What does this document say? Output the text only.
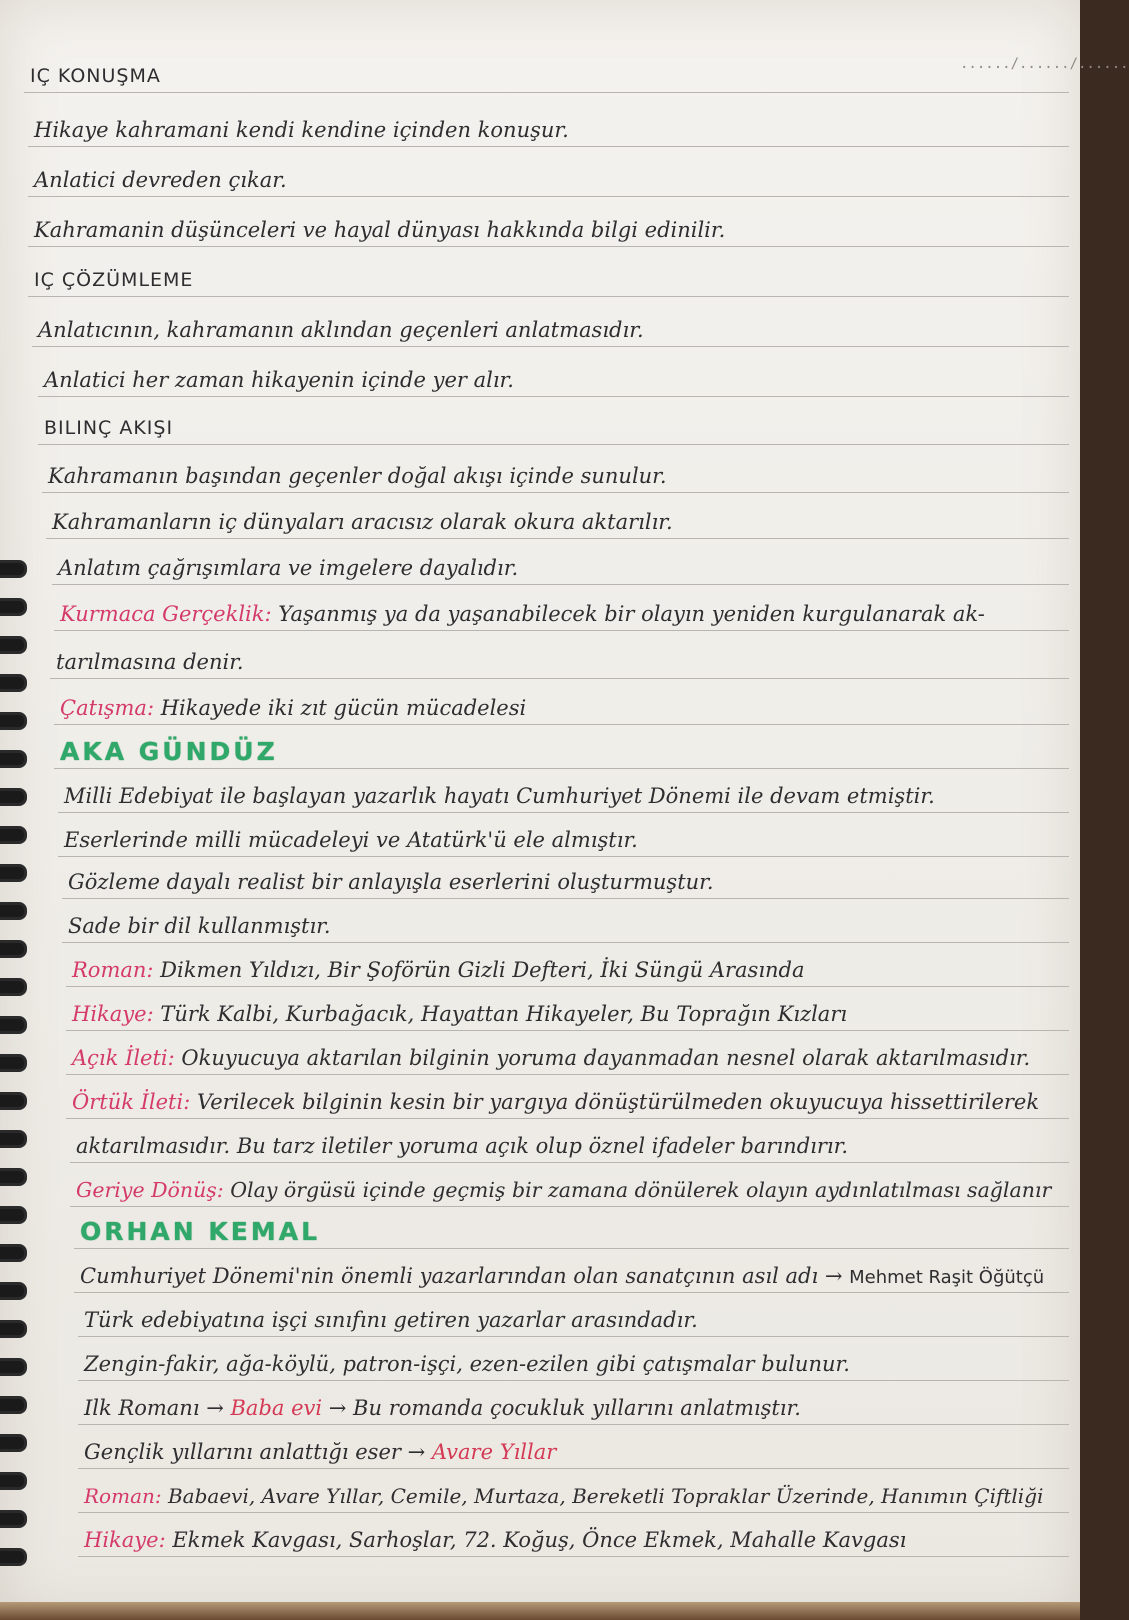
....../....../......
IÇ KONUŞMA
Hikaye kahramani kendi kendine içinden konuşur.
Anlatici devreden çıkar.
Kahramanin düşünceleri ve hayal dünyası hakkında bilgi edinilir.
IÇ ÇÖZÜMLEME
Anlatıcının, kahramanın aklından geçenleri anlatmasıdır.
Anlatici her zaman hikayenin içinde yer alır.
BILINÇ AKIŞI
Kahramanın başından geçenler doğal akışı içinde sunulur.
Kahramanların iç dünyaları aracısız olarak okura aktarılır.
Anlatım çağrışımlara ve imgelere dayalıdır.
Kurmaca Gerçeklik: Yaşanmış ya da yaşanabilecek bir olayın yeniden kurgulanarak ak-
tarılmasına denir.
Çatışma: Hikayede iki zıt gücün mücadelesi
AKA GÜNDÜZ
Milli Edebiyat ile başlayan yazarlık hayatı Cumhuriyet Dönemi ile devam etmiştir.
Eserlerinde milli mücadeleyi ve Atatürk'ü ele almıştır.
Gözleme dayalı realist bir anlayışla eserlerini oluşturmuştur.
Sade bir dil kullanmıştır.
Roman: Dikmen Yıldızı, Bir Şoförün Gizli Defteri, İki Süngü Arasında
Hikaye: Türk Kalbi, Kurbağacık, Hayattan Hikayeler, Bu Toprağın Kızları
Açık İleti: Okuyucuya aktarılan bilginin yoruma dayanmadan nesnel olarak aktarılmasıdır.
Örtük İleti: Verilecek bilginin kesin bir yargıya dönüştürülmeden okuyucuya hissettirilerek
aktarılmasıdır. Bu tarz iletiler yoruma açık olup öznel ifadeler barındırır.
Geriye Dönüş: Olay örgüsü içinde geçmiş bir zamana dönülerek olayın aydınlatılması sağlanır
ORHAN KEMAL
Cumhuriyet Dönemi'nin önemli yazarlarından olan sanatçının asıl adı → Mehmet Raşit Öğütçü
Türk edebiyatına işçi sınıfını getiren yazarlar arasındadır.
Zengin-fakir, ağa-köylü, patron-işçi, ezen-ezilen gibi çatışmalar bulunur.
Ilk Romanı → Baba evi → Bu romanda çocukluk yıllarını anlatmıştır.
Gençlik yıllarını anlattığı eser → Avare Yıllar
Roman: Babaevi, Avare Yıllar, Cemile, Murtaza, Bereketli Topraklar Üzerinde, Hanımın Çiftliği
Hikaye: Ekmek Kavgası, Sarhoşlar, 72. Koğuş, Önce Ekmek, Mahalle Kavgası
